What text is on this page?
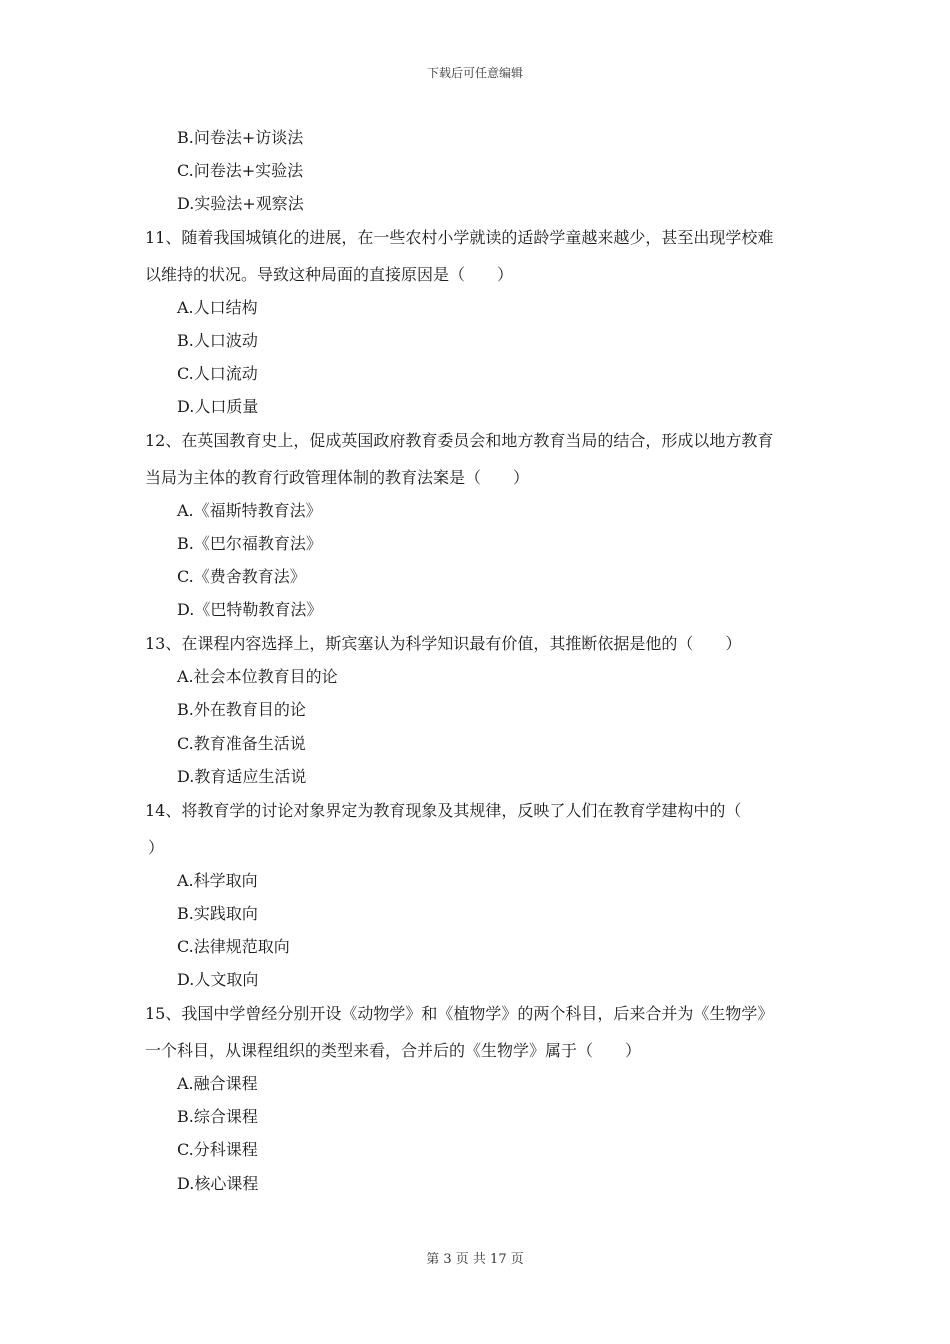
下载后可任意编辑
B.问卷法+访谈法
C.问卷法+实验法
D.实验法+观察法
11、随着我国城镇化的进展，在一些农村小学就读的适龄学童越来越少，甚至出现学校难
以维持的状况。导致这种局面的直接原因是（　　）
A.人口结构
B.人口波动
C.人口流动
D.人口质量
12、在英国教育史上，促成英国政府教育委员会和地方教育当局的结合，形成以地方教育
当局为主体的教育行政管理体制的教育法案是（　　）
A.《福斯特教育法》
B.《巴尔福教育法》
C.《费舍教育法》
D.《巴特勒教育法》
13、在课程内容选择上，斯宾塞认为科学知识最有价值，其推断依据是他的（　　）
A.社会本位教育目的论
B.外在教育目的论
C.教育准备生活说
D.教育适应生活说
14、将教育学的讨论对象界定为教育现象及其规律，反映了人们在教育学建构中的（
）
A.科学取向
B.实践取向
C.法律规范取向
D.人文取向
15、我国中学曾经分别开设《动物学》和《植物学》的两个科目，后来合并为《生物学》
一个科目，从课程组织的类型来看，合并后的《生物学》属于（　　）
A.融合课程
B.综合课程
C.分科课程
D.核心课程
第 3 页 共 17 页
